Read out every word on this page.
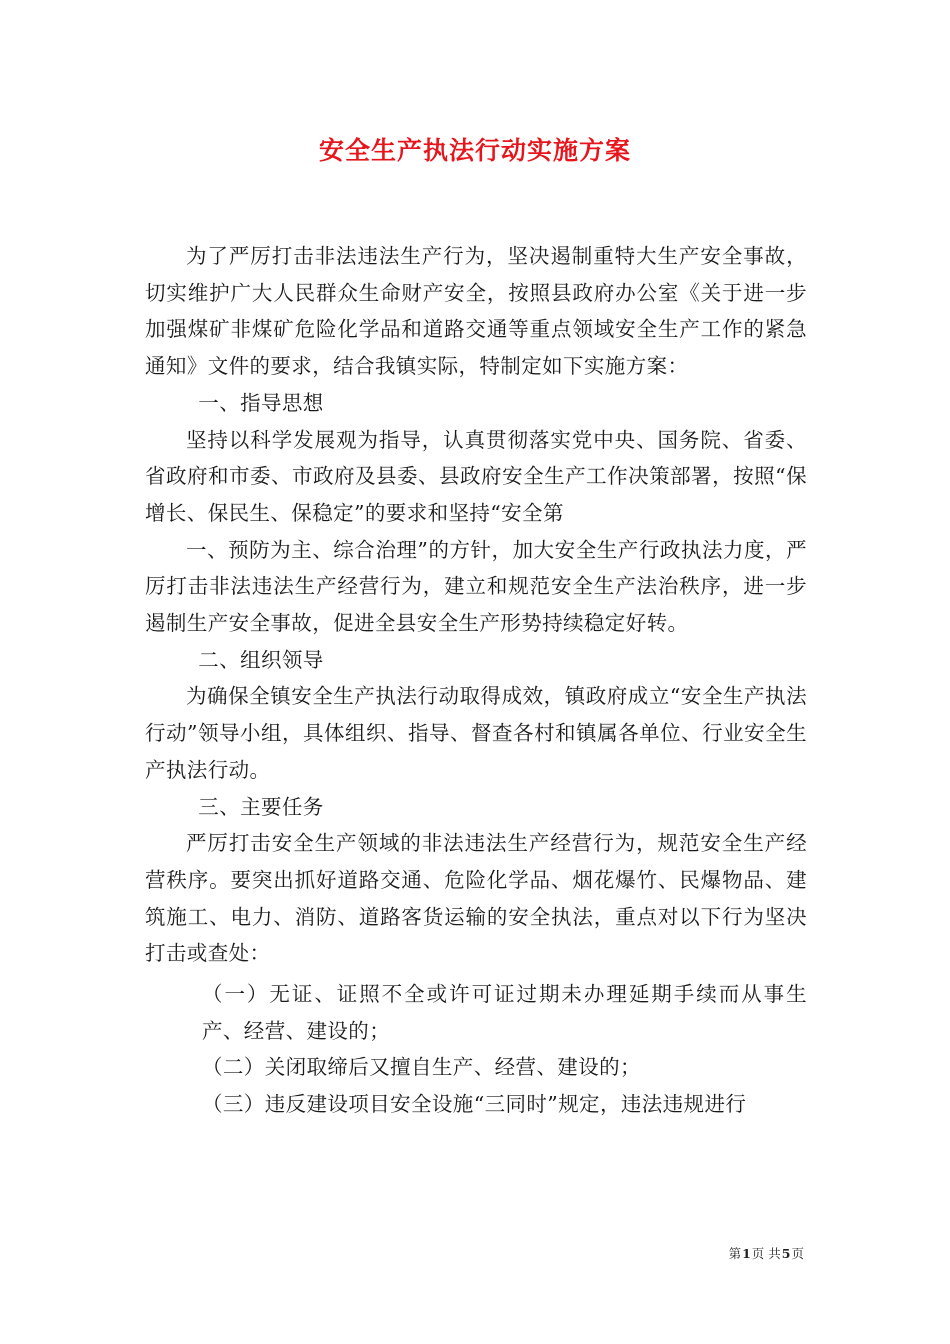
安全生产执法行动实施方案

为了严厉打击非法违法生产行为，坚决遏制重特大生产安全事故，切实维护广大人民群众生命财产安全，按照县政府办公室《关于进一步加强煤矿非煤矿危险化学品和道路交通等重点领域安全生产工作的紧急通知》文件的要求，结合我镇实际，特制定如下实施方案：

一、指导思想

坚持以科学发展观为指导，认真贯彻落实党中央、国务院、省委、省政府和市委、市政府及县委、县政府安全生产工作决策部署，按照“保增长、保民生、保稳定”的要求和坚持“安全第

一、预防为主、综合治理”的方针，加大安全生产行政执法力度，严厉打击非法违法生产经营行为，建立和规范安全生产法治秩序，进一步遏制生产安全事故，促进全县安全生产形势持续稳定好转。

二、组织领导

为确保全镇安全生产执法行动取得成效，镇政府成立“安全生产执法行动”领导小组，具体组织、指导、督查各村和镇属各单位、行业安全生产执法行动。

三、主要任务

严厉打击安全生产领域的非法违法生产经营行为，规范安全生产经营秩序。要突出抓好道路交通、危险化学品、烟花爆竹、民爆物品、建筑施工、电力、消防、道路客货运输的安全执法，重点对以下行为坚决打击或查处：

（一）无证、证照不全或许可证过期未办理延期手续而从事生产、经营、建设的；

（二）关闭取缔后又擅自生产、经营、建设的；

（三）违反建设项目安全设施“三同时”规定，违法违规进行

第1页 共5页
